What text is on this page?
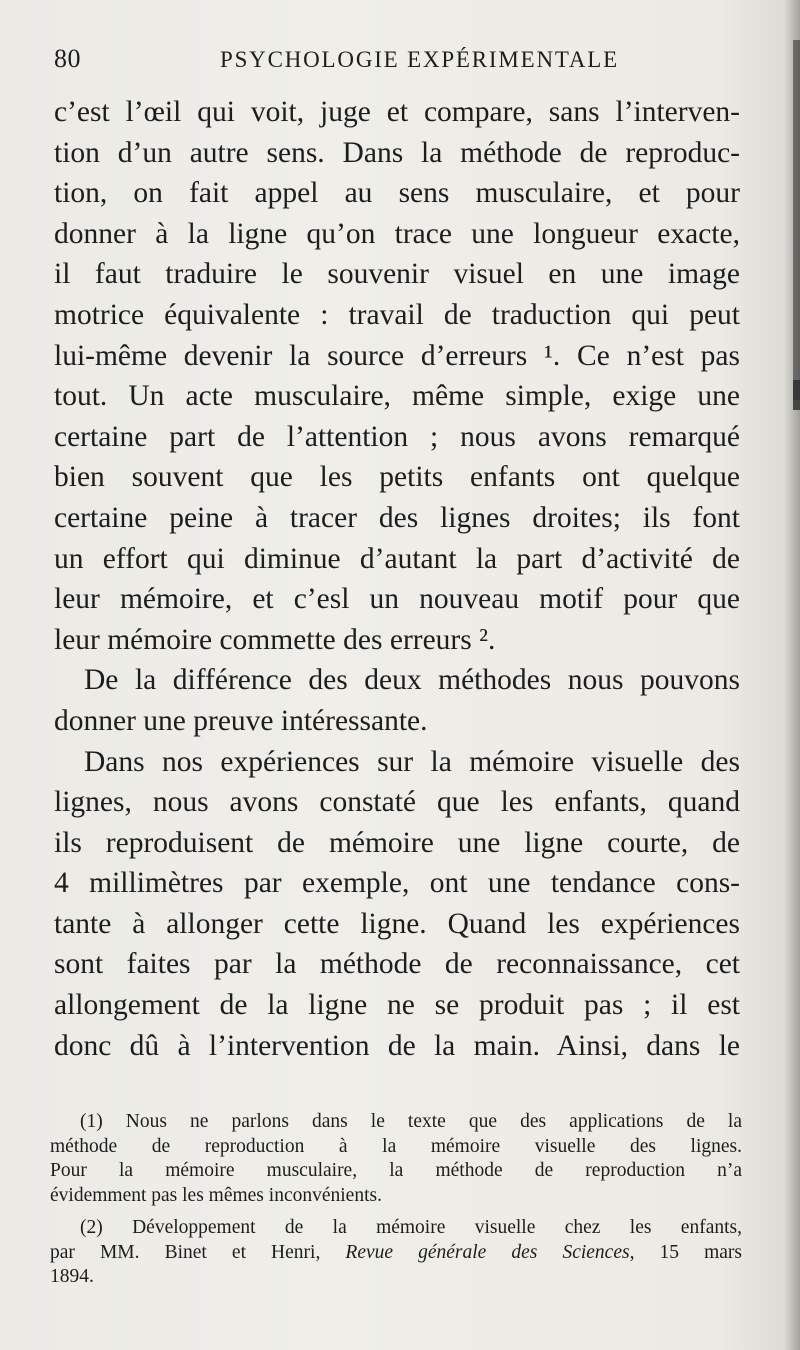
80	PSYCHOLOGIE EXPÉRIMENTALE
c’est l’œil qui voit, juge et compare, sans l’interven-
tion d’un autre sens. Dans la méthode de reproduc-
tion, on fait appel au sens musculaire, et pour
donner à la ligne qu’on trace une longueur exacte,
il faut traduire le souvenir visuel en une image
motrice équivalente : travail de traduction qui peut
lui-même devenir la source d’erreurs ¹. Ce n’est pas
tout. Un acte musculaire, même simple, exige une
certaine part de l’attention ; nous avons remarqué
bien souvent que les petits enfants ont quelque
certaine peine à tracer des lignes droites; ils font
un effort qui diminue d’autant la part d’activité de
leur mémoire, et c’esl un nouveau motif pour que
leur mémoire commette des erreurs ².
De la différence des deux méthodes nous pouvons
donner une preuve intéressante.
Dans nos expériences sur la mémoire visuelle des
lignes, nous avons constaté que les enfants, quand
ils reproduisent de mémoire une ligne courte, de
4 millimètres par exemple, ont une tendance cons-
tante à allonger cette ligne. Quand les expériences
sont faites par la méthode de reconnaissance, cet
allongement de la ligne ne se produit pas ; il est
donc dû à l’intervention de la main. Ainsi, dans le
(1) Nous ne parlons dans le texte que des applications de la
méthode de reproduction à la mémoire visuelle des lignes.
Pour la mémoire musculaire, la méthode de reproduction n’a
évidemment pas les mêmes inconvénients.
(2) Développement de la mémoire visuelle chez les enfants,
par MM. Binet et Henri, Revue générale des Sciences, 15 mars
1894.
